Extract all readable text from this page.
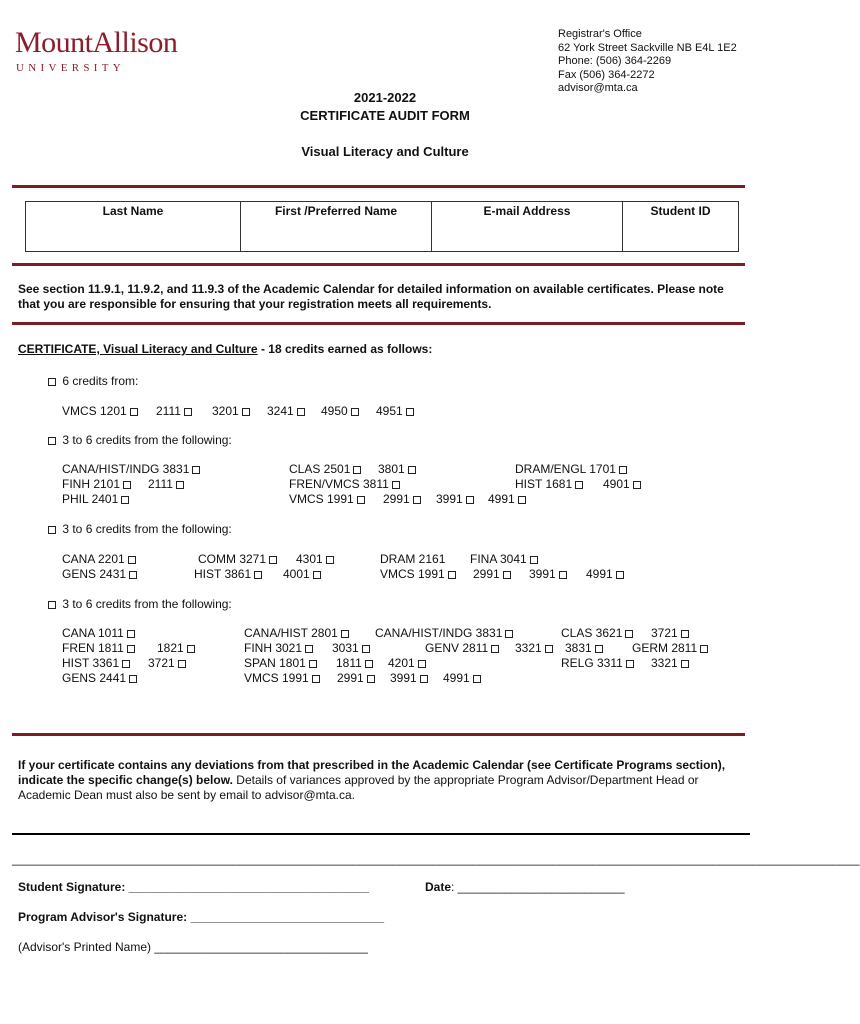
MountAllison
UNIVERSITY
Registrar's Office
62 York Street Sackville NB E4L 1E2
Phone: (506) 364-2269
Fax (506) 364-2272
advisor@mta.ca
2021-2022
CERTIFICATE AUDIT FORM
Visual Literacy and Culture
Last Name	First /Preferred Name	E-mail Address	Student ID
See section 11.9.1, 11.9.2, and 11.9.3 of the Academic Calendar for detailed information on available certificates. Please note that you are responsible for ensuring that your registration meets all requirements.
CERTIFICATE, Visual Literacy and Culture - 18 credits earned as follows:
6 credits from:
VMCS 1201	2111	3201	3241	4950	4951
3 to 6 credits from the following:
CANA/HIST/INDG 3831	CLAS 2501	3801	DRAM/ENGL 1701
FINH 2101	2111	FREN/VMCS 3811	HIST 1681	4901
PHIL 2401	VMCS 1991	2991	3991	4991
3 to 6 credits from the following:
CANA 2201	COMM 3271	4301	DRAM 2161 FINA 3041
GENS 2431	HIST 3861	4001	VMCS 1991	2991	3991	4991
3 to 6 credits from the following:
CANA 1011	CANA/HIST 2801	CANA/HIST/INDG 3831	CLAS 3621	3721
FREN 1811	1821	FINH 3021	3031	GENV 2811	3321	3831	GERM 2811
HIST 3361	3721	SPAN 1801	1811	4201	RELG 3311	3321
GENS 2441	VMCS 1991	2991	3991	4991
If your certificate contains any deviations from that prescribed in the Academic Calendar (see Certificate Programs section), indicate the specific change(s) below. Details of variances approved by the appropriate Program Advisor/Department Head or Academic Dean must also be sent by email to advisor@mta.ca.
_______________________________________________________________________________________________________________________________
Student Signature: ____________________________________	Date: _________________________
Program Advisor's Signature: _____________________________
(Advisor's Printed Name) ________________________________
